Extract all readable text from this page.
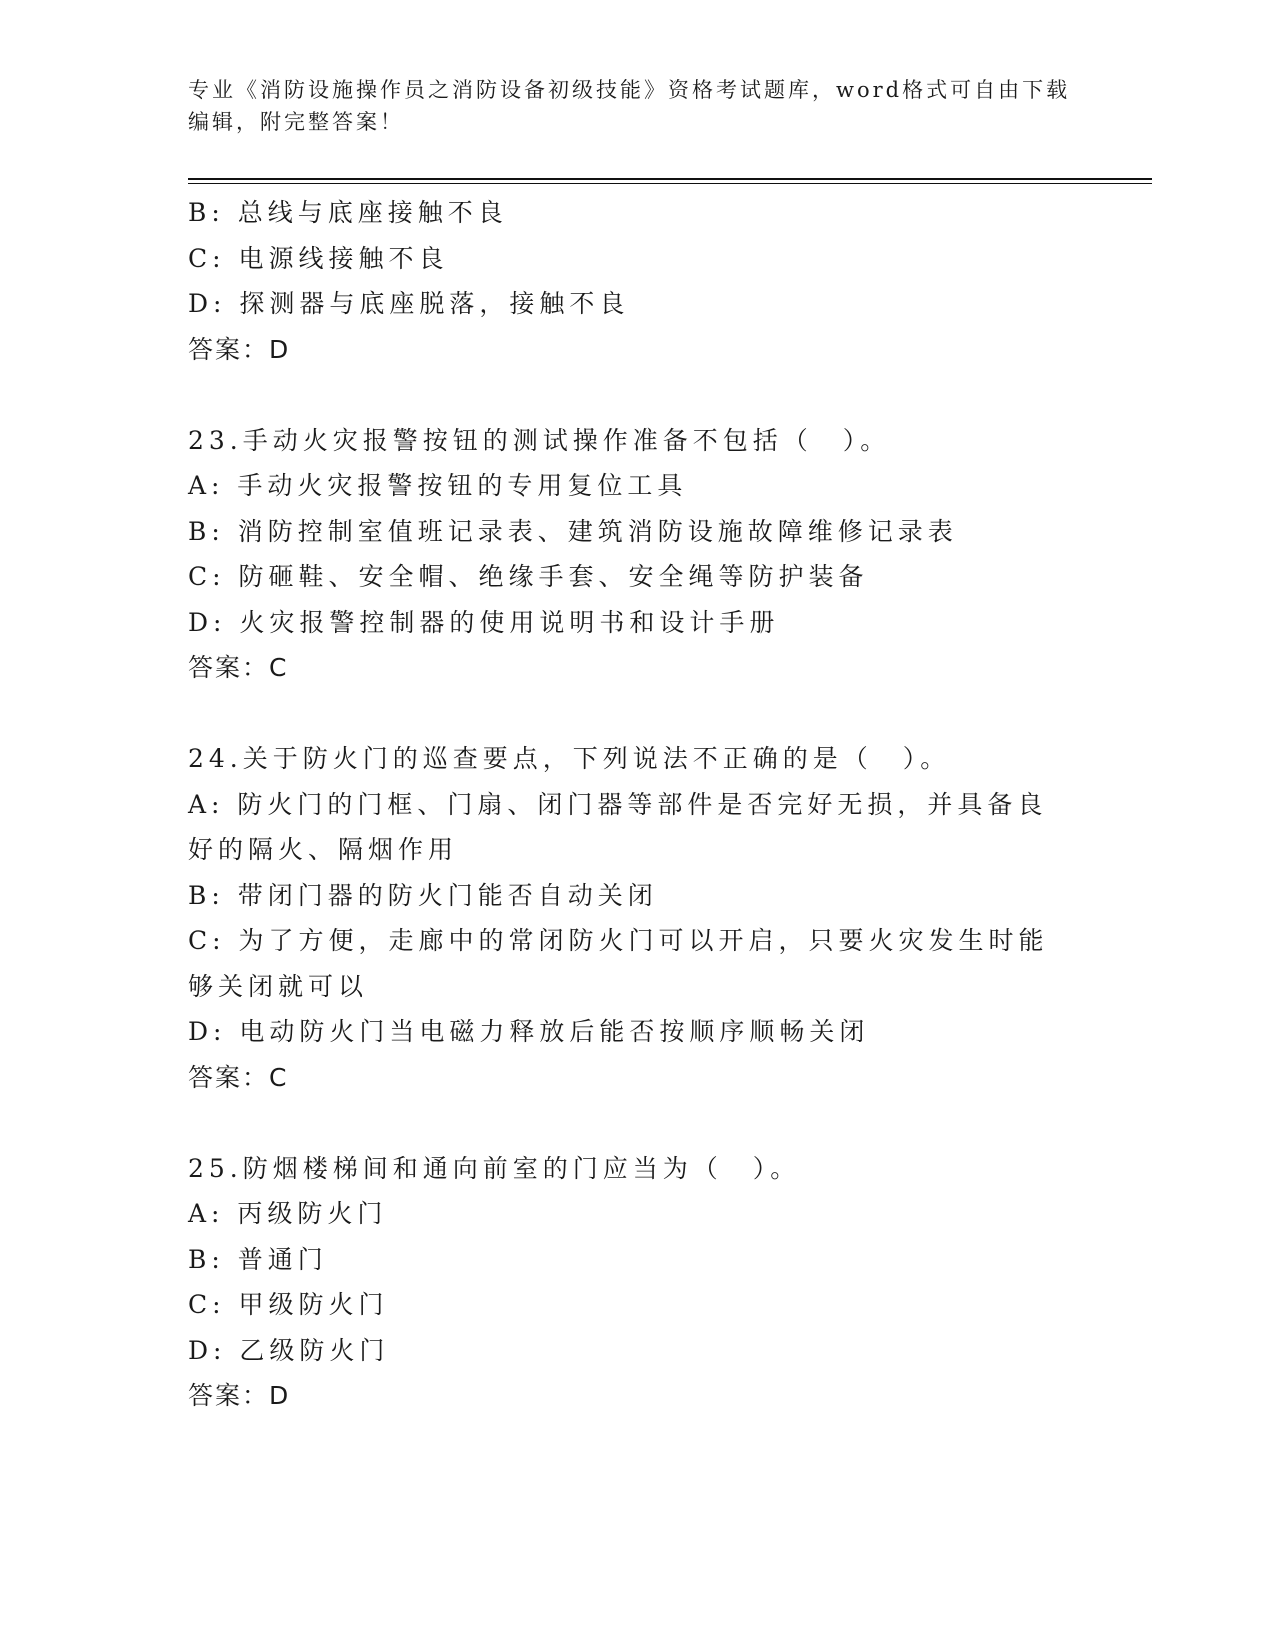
专业《消防设施操作员之消防设备初级技能》资格考试题库，word格式可自由下载编辑，附完整答案！
B: 总线与底座接触不良
C: 电源线接触不良
D: 探测器与底座脱落，接触不良
答案：D
23.手动火灾报警按钮的测试操作准备不包括（　）。
A: 手动火灾报警按钮的专用复位工具
B: 消防控制室值班记录表、建筑消防设施故障维修记录表
C: 防砸鞋、安全帽、绝缘手套、安全绳等防护装备
D: 火灾报警控制器的使用说明书和设计手册
答案：C
24.关于防火门的巡查要点，下列说法不正确的是（　）。
A: 防火门的门框、门扇、闭门器等部件是否完好无损，并具备良好的隔火、隔烟作用
B: 带闭门器的防火门能否自动关闭
C: 为了方便，走廊中的常闭防火门可以开启，只要火灾发生时能够关闭就可以
D: 电动防火门当电磁力释放后能否按顺序顺畅关闭
答案：C
25.防烟楼梯间和通向前室的门应当为（　）。
A: 丙级防火门
B: 普通门
C: 甲级防火门
D: 乙级防火门
答案：D
